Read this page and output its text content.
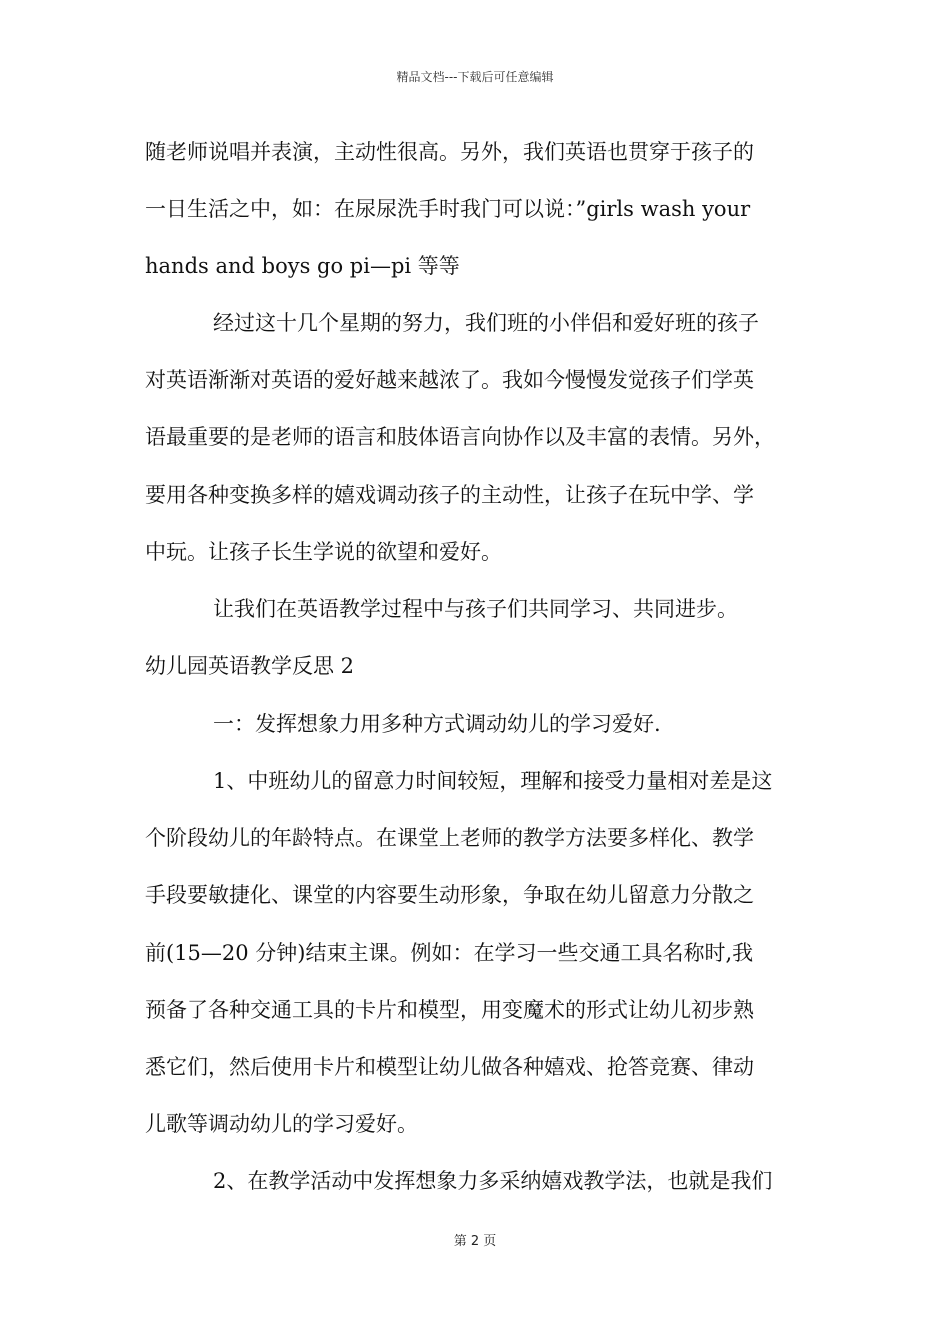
精品文档---下载后可任意编辑
随老师说唱并表演，主动性很高。另外，我们英语也贯穿于孩子的
一日生活之中，如：在尿尿洗手时我门可以说：”girls wash your
hands and boys go pi—pi 等等
经过这十几个星期的努力，我们班的小伴侣和爱好班的孩子
对英语渐渐对英语的爱好越来越浓了。我如今慢慢发觉孩子们学英
语最重要的是老师的语言和肢体语言向协作以及丰富的表情。另外，
要用各种变换多样的嬉戏调动孩子的主动性，让孩子在玩中学、学
中玩。让孩子长生学说的欲望和爱好。
让我们在英语教学过程中与孩子们共同学习、共同进步。
幼儿园英语教学反思 2
一：发挥想象力用多种方式调动幼儿的学习爱好.
1、中班幼儿的留意力时间较短，理解和接受力量相对差是这
个阶段幼儿的年龄特点。在课堂上老师的教学方法要多样化、教学
手段要敏捷化、课堂的内容要生动形象，争取在幼儿留意力分散之
前(15—20 分钟)结束主课。例如：在学习一些交通工具名称时,我
预备了各种交通工具的卡片和模型，用变魔术的形式让幼儿初步熟
悉它们，然后使用卡片和模型让幼儿做各种嬉戏、抢答竞赛、律动
儿歌等调动幼儿的学习爱好。
2、在教学活动中发挥想象力多采纳嬉戏教学法，也就是我们
第 2 页
